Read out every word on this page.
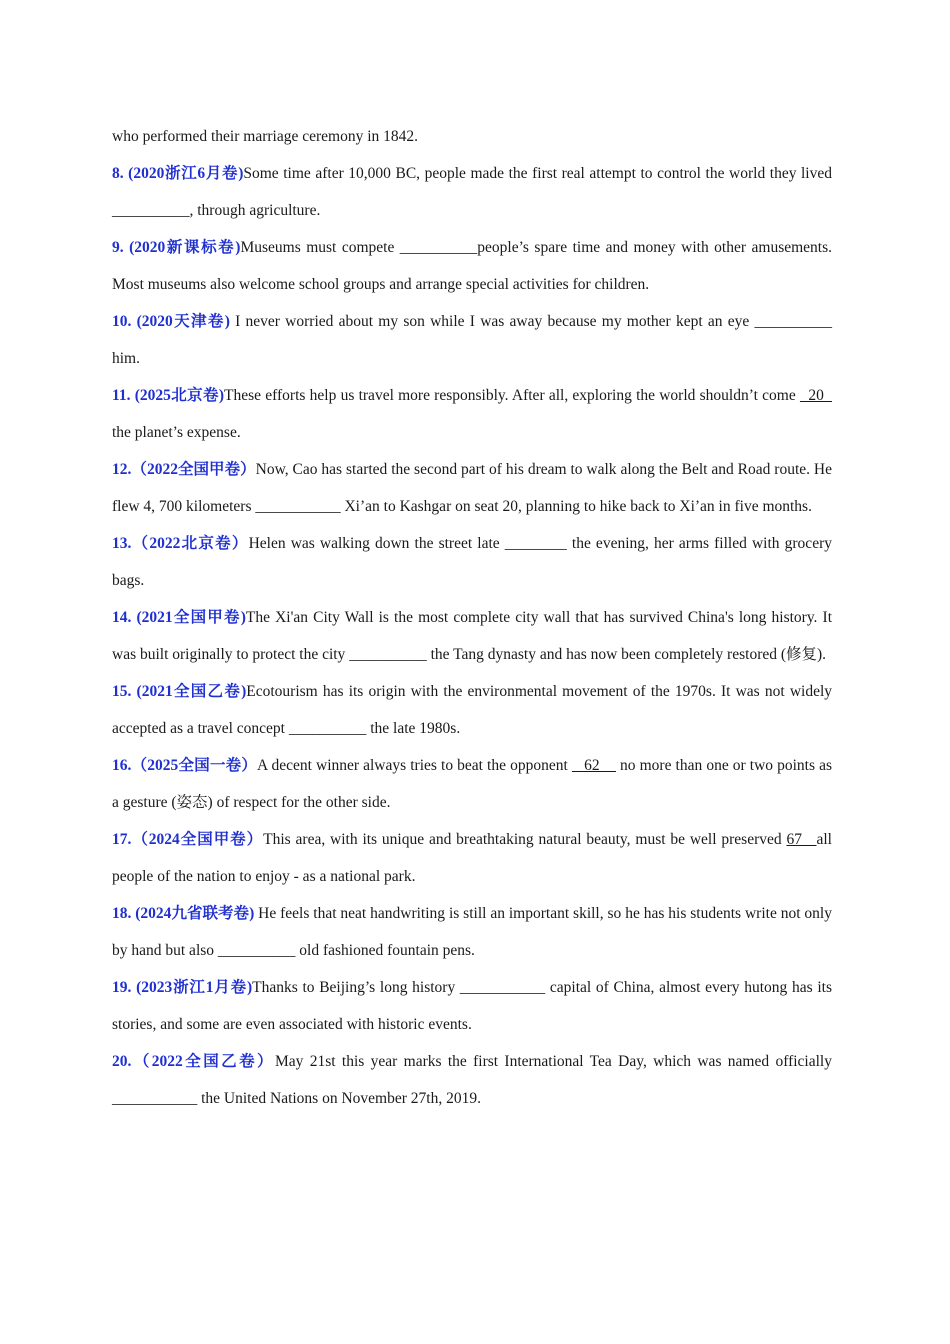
who performed their marriage ceremony in 1842.

8. (2020浙江6月卷)Some time after 10,000 BC, people made the first real attempt to control the world they lived __________, through agriculture.

9. (2020新课标卷)Museums must compete __________people’s spare time and money with other amusements. Most museums also welcome school groups and arrange special activities for children.

10. (2020天津卷) I never worried about my son while I was away because my mother kept an eye __________ him.

11. (2025北京卷)These efforts help us travel more responsibly. After all, exploring the world shouldn’t come   20   the planet’s expense.

12.（2022全国甲卷）Now, Cao has started the second part of his dream to walk along the Belt and Road route. He flew 4, 700 kilometers ___________ Xi’an to Kashgar on seat 20, planning to hike back to Xi’an in five months.

13.（2022北京卷）Helen was walking down the street late ________ the evening, her arms filled with grocery bags.

14. (2021全国甲卷)The Xi'an City Wall is the most complete city wall that has survived China's long history. It was built originally to protect the city __________ the Tang dynasty and has now been completely restored (修复).

15. (2021全国乙卷)Ecotourism has its origin with the environmental movement of the 1970s. It was not widely accepted as a travel concept __________ the late 1980s.

16.（2025全国一卷）A decent winner always tries to beat the opponent    62     no more than one or two points as a gesture (姿态) of respect for the other side.

17.（2024全国甲卷）This area, with its unique and breathtaking natural beauty, must be well preserved 67   all people of the nation to enjoy - as a national park.

18. (2024九省联考卷) He feels that neat handwriting is still an important skill, so he has his students write not only by hand but also __________ old fashioned fountain pens.

19. (2023浙江1月卷)Thanks to Beijing’s long history ___________ capital of China, almost every hutong has its stories, and some are even associated with historic events.

20.（2022全国乙卷）May 21st this year marks the first International Tea Day, which was named officially ___________ the United Nations on November 27th, 2019.
